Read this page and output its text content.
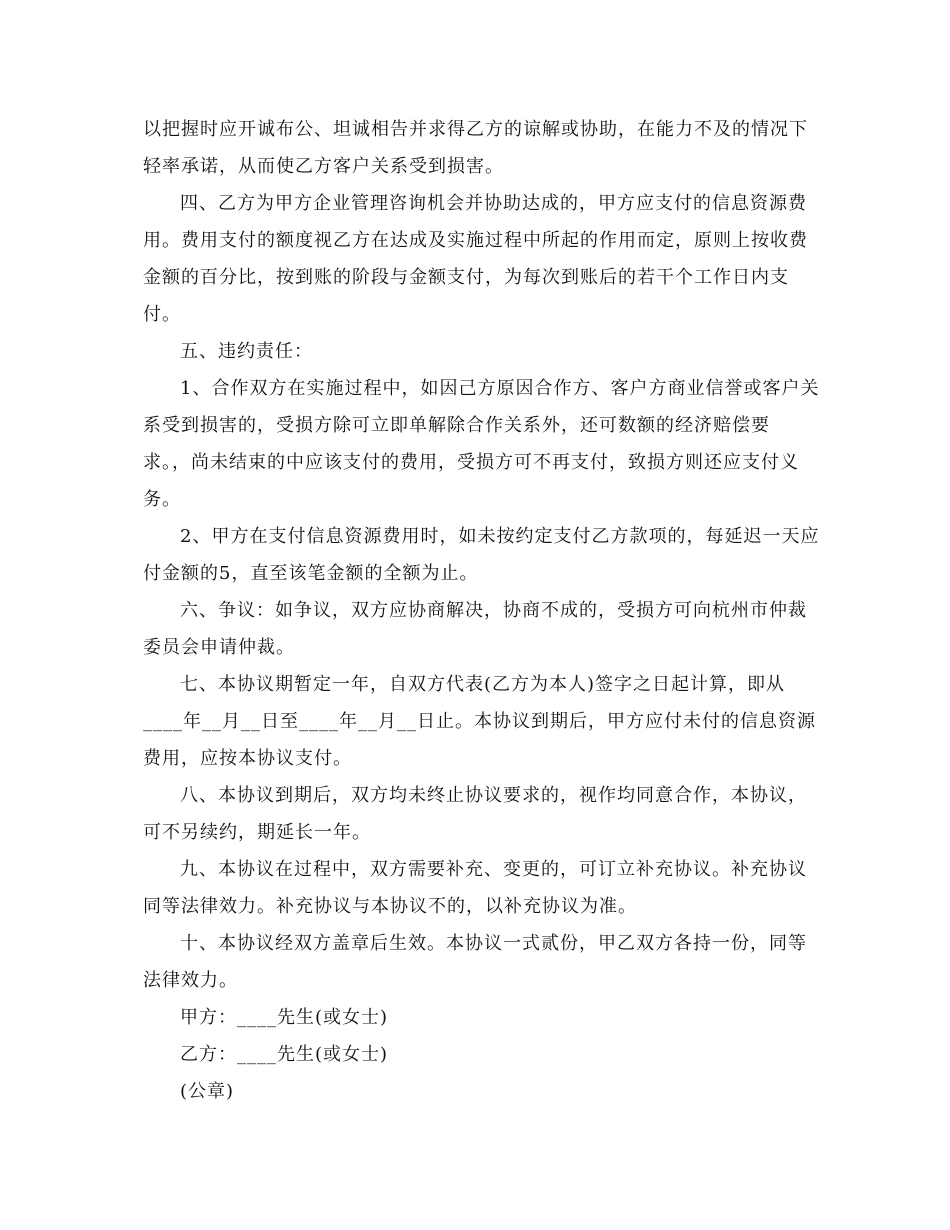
以把握时应开诚布公、坦诚相告并求得乙方的谅解或协助，在能力不及的情况下
轻率承诺，从而使乙方客户关系受到损害。
四、乙方为甲方企业管理咨询机会并协助达成的，甲方应支付的信息资源费
用。费用支付的额度视乙方在达成及实施过程中所起的作用而定，原则上按收费
金额的百分比，按到账的阶段与金额支付，为每次到账后的若干个工作日内支
付。
五、违约责任：
1、合作双方在实施过程中，如因己方原因合作方、客户方商业信誉或客户关
系受到损害的，受损方除可立即单解除合作关系外，还可数额的经济赔偿要
求。，尚未结束的中应该支付的费用，受损方可不再支付，致损方则还应支付义
务。
2、甲方在支付信息资源费用时，如未按约定支付乙方款项的，每延迟一天应
付金额的5，直至该笔金额的全额为止。
六、争议：如争议，双方应协商解决，协商不成的，受损方可向杭州市仲裁
委员会申请仲裁。
七、本协议期暂定一年，自双方代表(乙方为本人)签字之日起计算，即从
____年__月__日至____年__月__日止。本协议到期后，甲方应付未付的信息资源
费用，应按本协议支付。
八、本协议到期后，双方均未终止协议要求的，视作均同意合作，本协议，
可不另续约，期延长一年。
九、本协议在过程中，双方需要补充、变更的，可订立补充协议。补充协议
同等法律效力。补充协议与本协议不的，以补充协议为准。
十、本协议经双方盖章后生效。本协议一式贰份，甲乙双方各持一份，同等
法律效力。
甲方：____先生(或女士)
乙方：____先生(或女士)
(公章)
